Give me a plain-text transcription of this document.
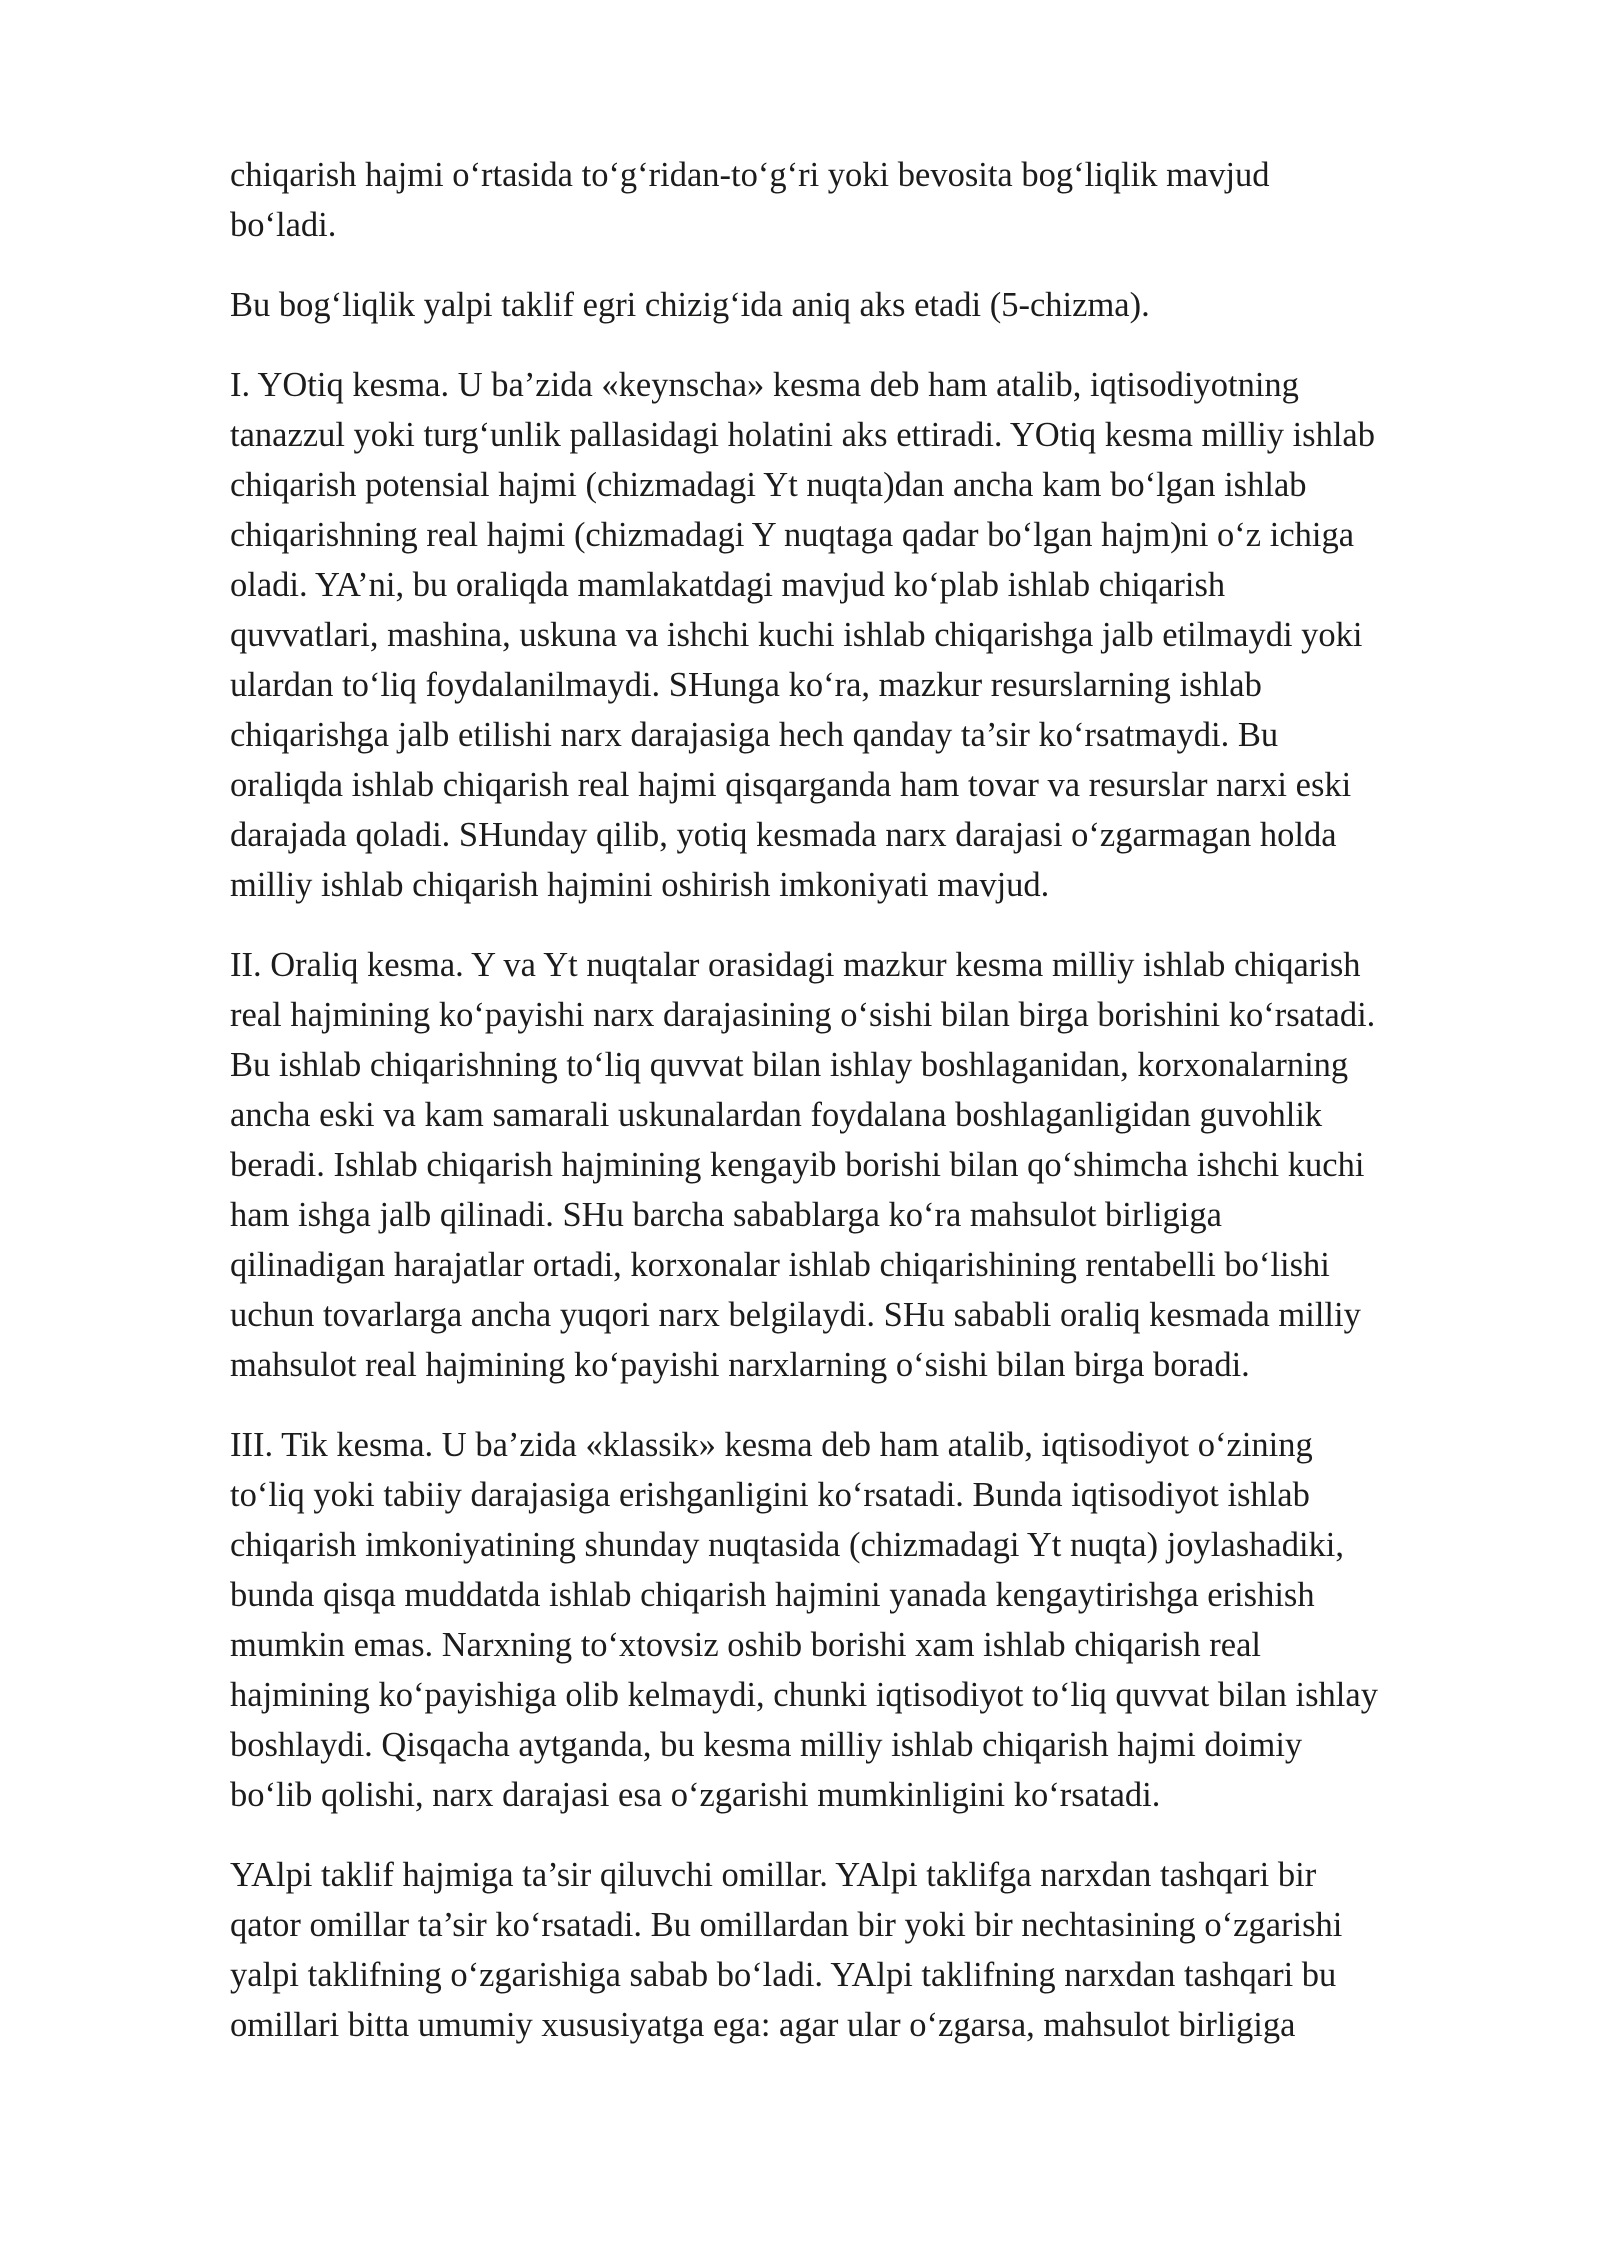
chiqarish hajmi o‘rtasida to‘g‘ridan-to‘g‘ri yoki bevosita bog‘liqlik mavjud
bo‘ladi.

Bu bog‘liqlik yalpi taklif egri chizig‘ida aniq aks etadi (5-chizma).

I. YOtiq kesma. U ba’zida «keynscha» kesma deb ham atalib, iqtisodiyotning
tanazzul yoki turg‘unlik pallasidagi holatini aks ettiradi. YOtiq kesma milliy ishlab
chiqarish potensial hajmi (chizmadagi Yt nuqta)dan ancha kam bo‘lgan ishlab
chiqarishning real hajmi (chizmadagi Y nuqtaga qadar bo‘lgan hajm)ni o‘z ichiga
oladi. YA’ni, bu oraliqda mamlakatdagi mavjud ko‘plab ishlab chiqarish
quvvatlari, mashina, uskuna va ishchi kuchi ishlab chiqarishga jalb etilmaydi yoki
ulardan to‘liq foydalanilmaydi. SHunga ko‘ra, mazkur resurslarning ishlab
chiqarishga jalb etilishi narx darajasiga hech qanday ta’sir ko‘rsatmaydi. Bu
oraliqda ishlab chiqarish real hajmi qisqarganda ham tovar va resurslar narxi eski
darajada qoladi. SHunday qilib, yotiq kesmada narx darajasi o‘zgarmagan holda
milliy ishlab chiqarish hajmini oshirish imkoniyati mavjud.

II. Oraliq kesma. Y va Yt nuqtalar orasidagi mazkur kesma milliy ishlab chiqarish
real hajmining ko‘payishi narx darajasining o‘sishi bilan birga borishini ko‘rsatadi.
Bu ishlab chiqarishning to‘liq quvvat bilan ishlay boshlaganidan, korxonalarning
ancha eski va kam samarali uskunalardan foydalana boshlaganligidan guvohlik
beradi. Ishlab chiqarish hajmining kengayib borishi bilan qo‘shimcha ishchi kuchi
ham ishga jalb qilinadi. SHu barcha sabablarga ko‘ra mahsulot birligiga
qilinadigan harajatlar ortadi, korxonalar ishlab chiqarishining rentabelli bo‘lishi
uchun tovarlarga ancha yuqori narx belgilaydi. SHu sababli oraliq kesmada milliy
mahsulot real hajmining ko‘payishi narxlarning o‘sishi bilan birga boradi.

III. Tik kesma. U ba’zida «klassik» kesma deb ham atalib, iqtisodiyot o‘zining
to‘liq yoki tabiiy darajasiga erishganligini ko‘rsatadi. Bunda iqtisodiyot ishlab
chiqarish imkoniyatining shunday nuqtasida (chizmadagi Yt nuqta) joylashadiki,
bunda qisqa muddatda ishlab chiqarish hajmini yanada kengaytirishga erishish
mumkin emas. Narxning to‘xtovsiz oshib borishi xam ishlab chiqarish real
hajmining ko‘payishiga olib kelmaydi, chunki iqtisodiyot to‘liq quvvat bilan ishlay
boshlaydi. Qisqacha aytganda, bu kesma milliy ishlab chiqarish hajmi doimiy
bo‘lib qolishi, narx darajasi esa o‘zgarishi mumkinligini ko‘rsatadi.

YAlpi taklif hajmiga ta’sir qiluvchi omillar. YAlpi taklifga narxdan tashqari bir
qator omillar ta’sir ko‘rsatadi. Bu omillardan bir yoki bir nechtasining o‘zgarishi
yalpi taklifning o‘zgarishiga sabab bo‘ladi. YAlpi taklifning narxdan tashqari bu
omillari bitta umumiy xususiyatga ega: agar ular o‘zgarsa, mahsulot birligiga
